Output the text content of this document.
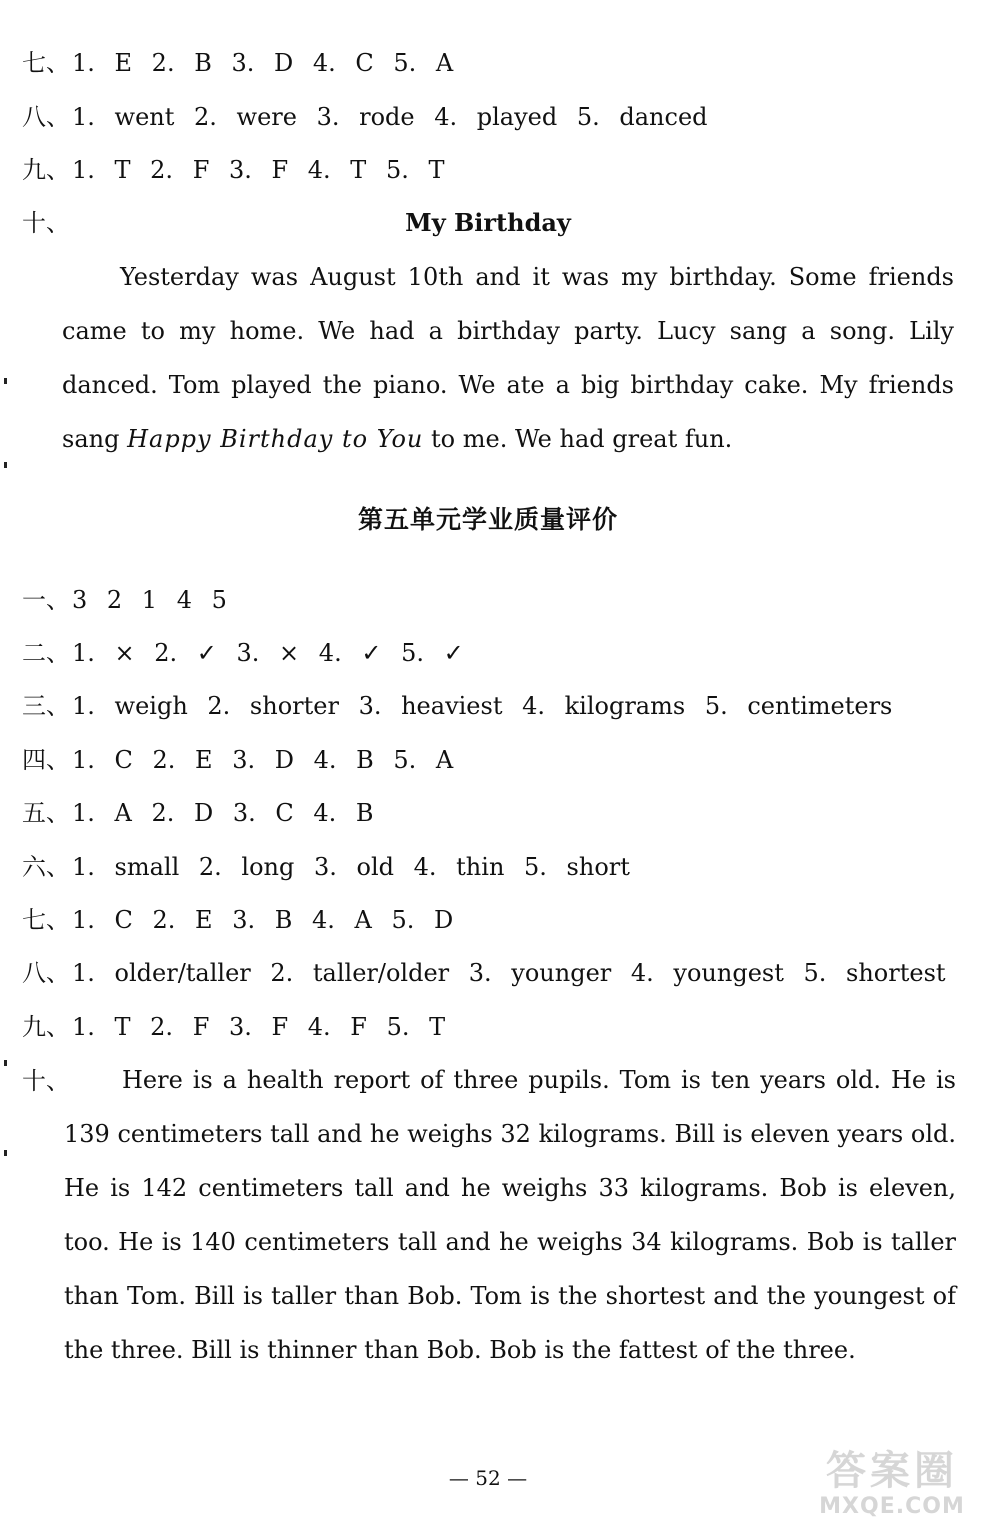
七、1. E 2. B 3. D 4. C 5. A
八、1. went 2. were 3. rode 4. played 5. danced
九、1. T 2. F 3. F 4. T 5. T
十、	My Birthday
Yesterday was August 10th and it was my birthday. Some friends came to my home. We had a birthday party. Lucy sang a song. Lily danced. Tom played the piano. We ate a big birthday cake. My friends sang Happy Birthday to You to me. We had great fun.
第五单元学业质量评价
一、3 2 1 4 5
二、1. × 2. ✓ 3. × 4. ✓ 5. ✓
三、1. weigh 2. shorter 3. heaviest 4. kilograms 5. centimeters
四、1. C 2. E 3. D 4. B 5. A
五、1. A 2. D 3. C 4. B
六、1. small 2. long 3. old 4. thin 5. short
七、1. C 2. E 3. B 4. A 5. D
八、1. older/taller 2. taller/older 3. younger 4. youngest 5. shortest
九、1. T 2. F 3. F 4. F 5. T
十、	Here is a health report of three pupils. Tom is ten years old. He is 139 centimeters tall and he weighs 32 kilograms. Bill is eleven years old. He is 142 centimeters tall and he weighs 33 kilograms. Bob is eleven, too. He is 140 centimeters tall and he weighs 34 kilograms. Bob is taller than Tom. Bill is taller than Bob. Tom is the shortest and the youngest of the three. Bill is thinner than Bob. Bob is the fattest of the three.
— 52 —	答案圈
MXQE.COM
